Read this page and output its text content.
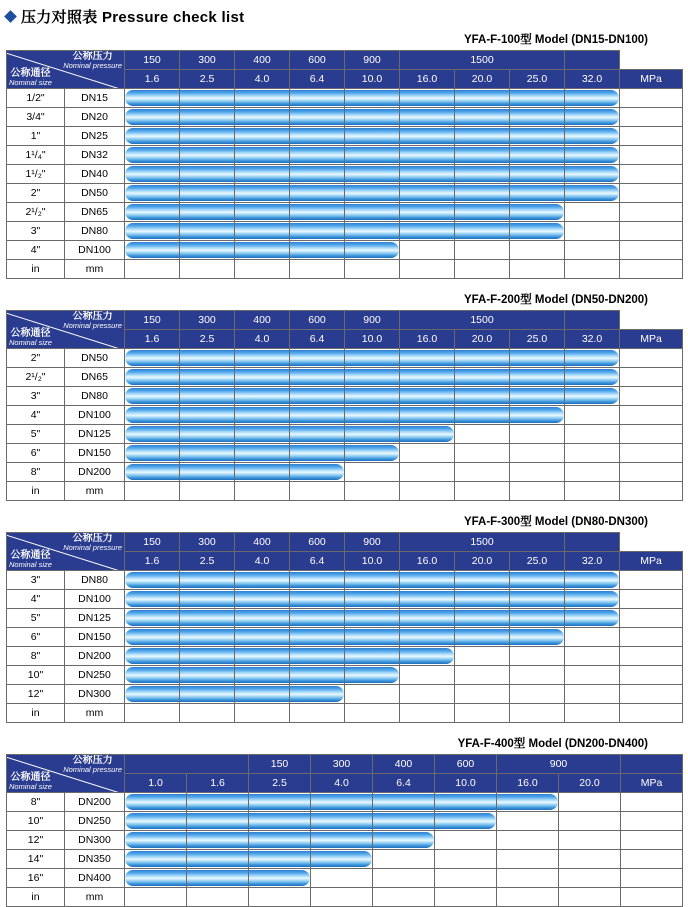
压力对照表 Pressure check list
YFA-F-100型 Model (DN15-DN100)
公称压力
Nominal pressure
公称通径
Nominal size		150	300	400	600	900	1500				
		1.6	2.5	4.0	6.4	10.0	16.0	20.0	25.0	32.0	MPa
1/2"	DN15	

3/4"	DN20	

1"	DN25	

1¹/₄"	DN32	

1¹/₂"	DN40	

2"	DN50	

2¹/₂"	DN65	

3"	DN80	

4"	DN100	

in	mm										
YFA-F-200型 Model (DN50-DN200)
公称压力
Nominal pressure
公称通径
Nominal size		150	300	400	600	900	1500				
		1.6	2.5	4.0	6.4	10.0	16.0	20.0	25.0	32.0	MPa
2"	DN50	

2¹/₂"	DN65	

3"	DN80	

4"	DN100	

5"	DN125	

6"	DN150	

8"	DN200	

in	mm										
YFA-F-300型 Model (DN80-DN300)
公称压力
Nominal pressure
公称通径
Nominal size		150	300	400	600	900	1500				
		1.6	2.5	4.0	6.4	10.0	16.0	20.0	25.0	32.0	MPa
3"	DN80	

4"	DN100	

5"	DN125	

6"	DN150	

8"	DN200	

10"	DN250	

12"	DN300	

in	mm										
YFA-F-400型 Model (DN200-DN400)
公称压力
Nominal pressure
公称通径
Nominal size				150	300	400	600	900		
		1.0	1.6	2.5	4.0	6.4	10.0	16.0	20.0	MPa
8"	DN200	

10"	DN250	

12"	DN300	

14"	DN350	

16"	DN400	

in	mm									
